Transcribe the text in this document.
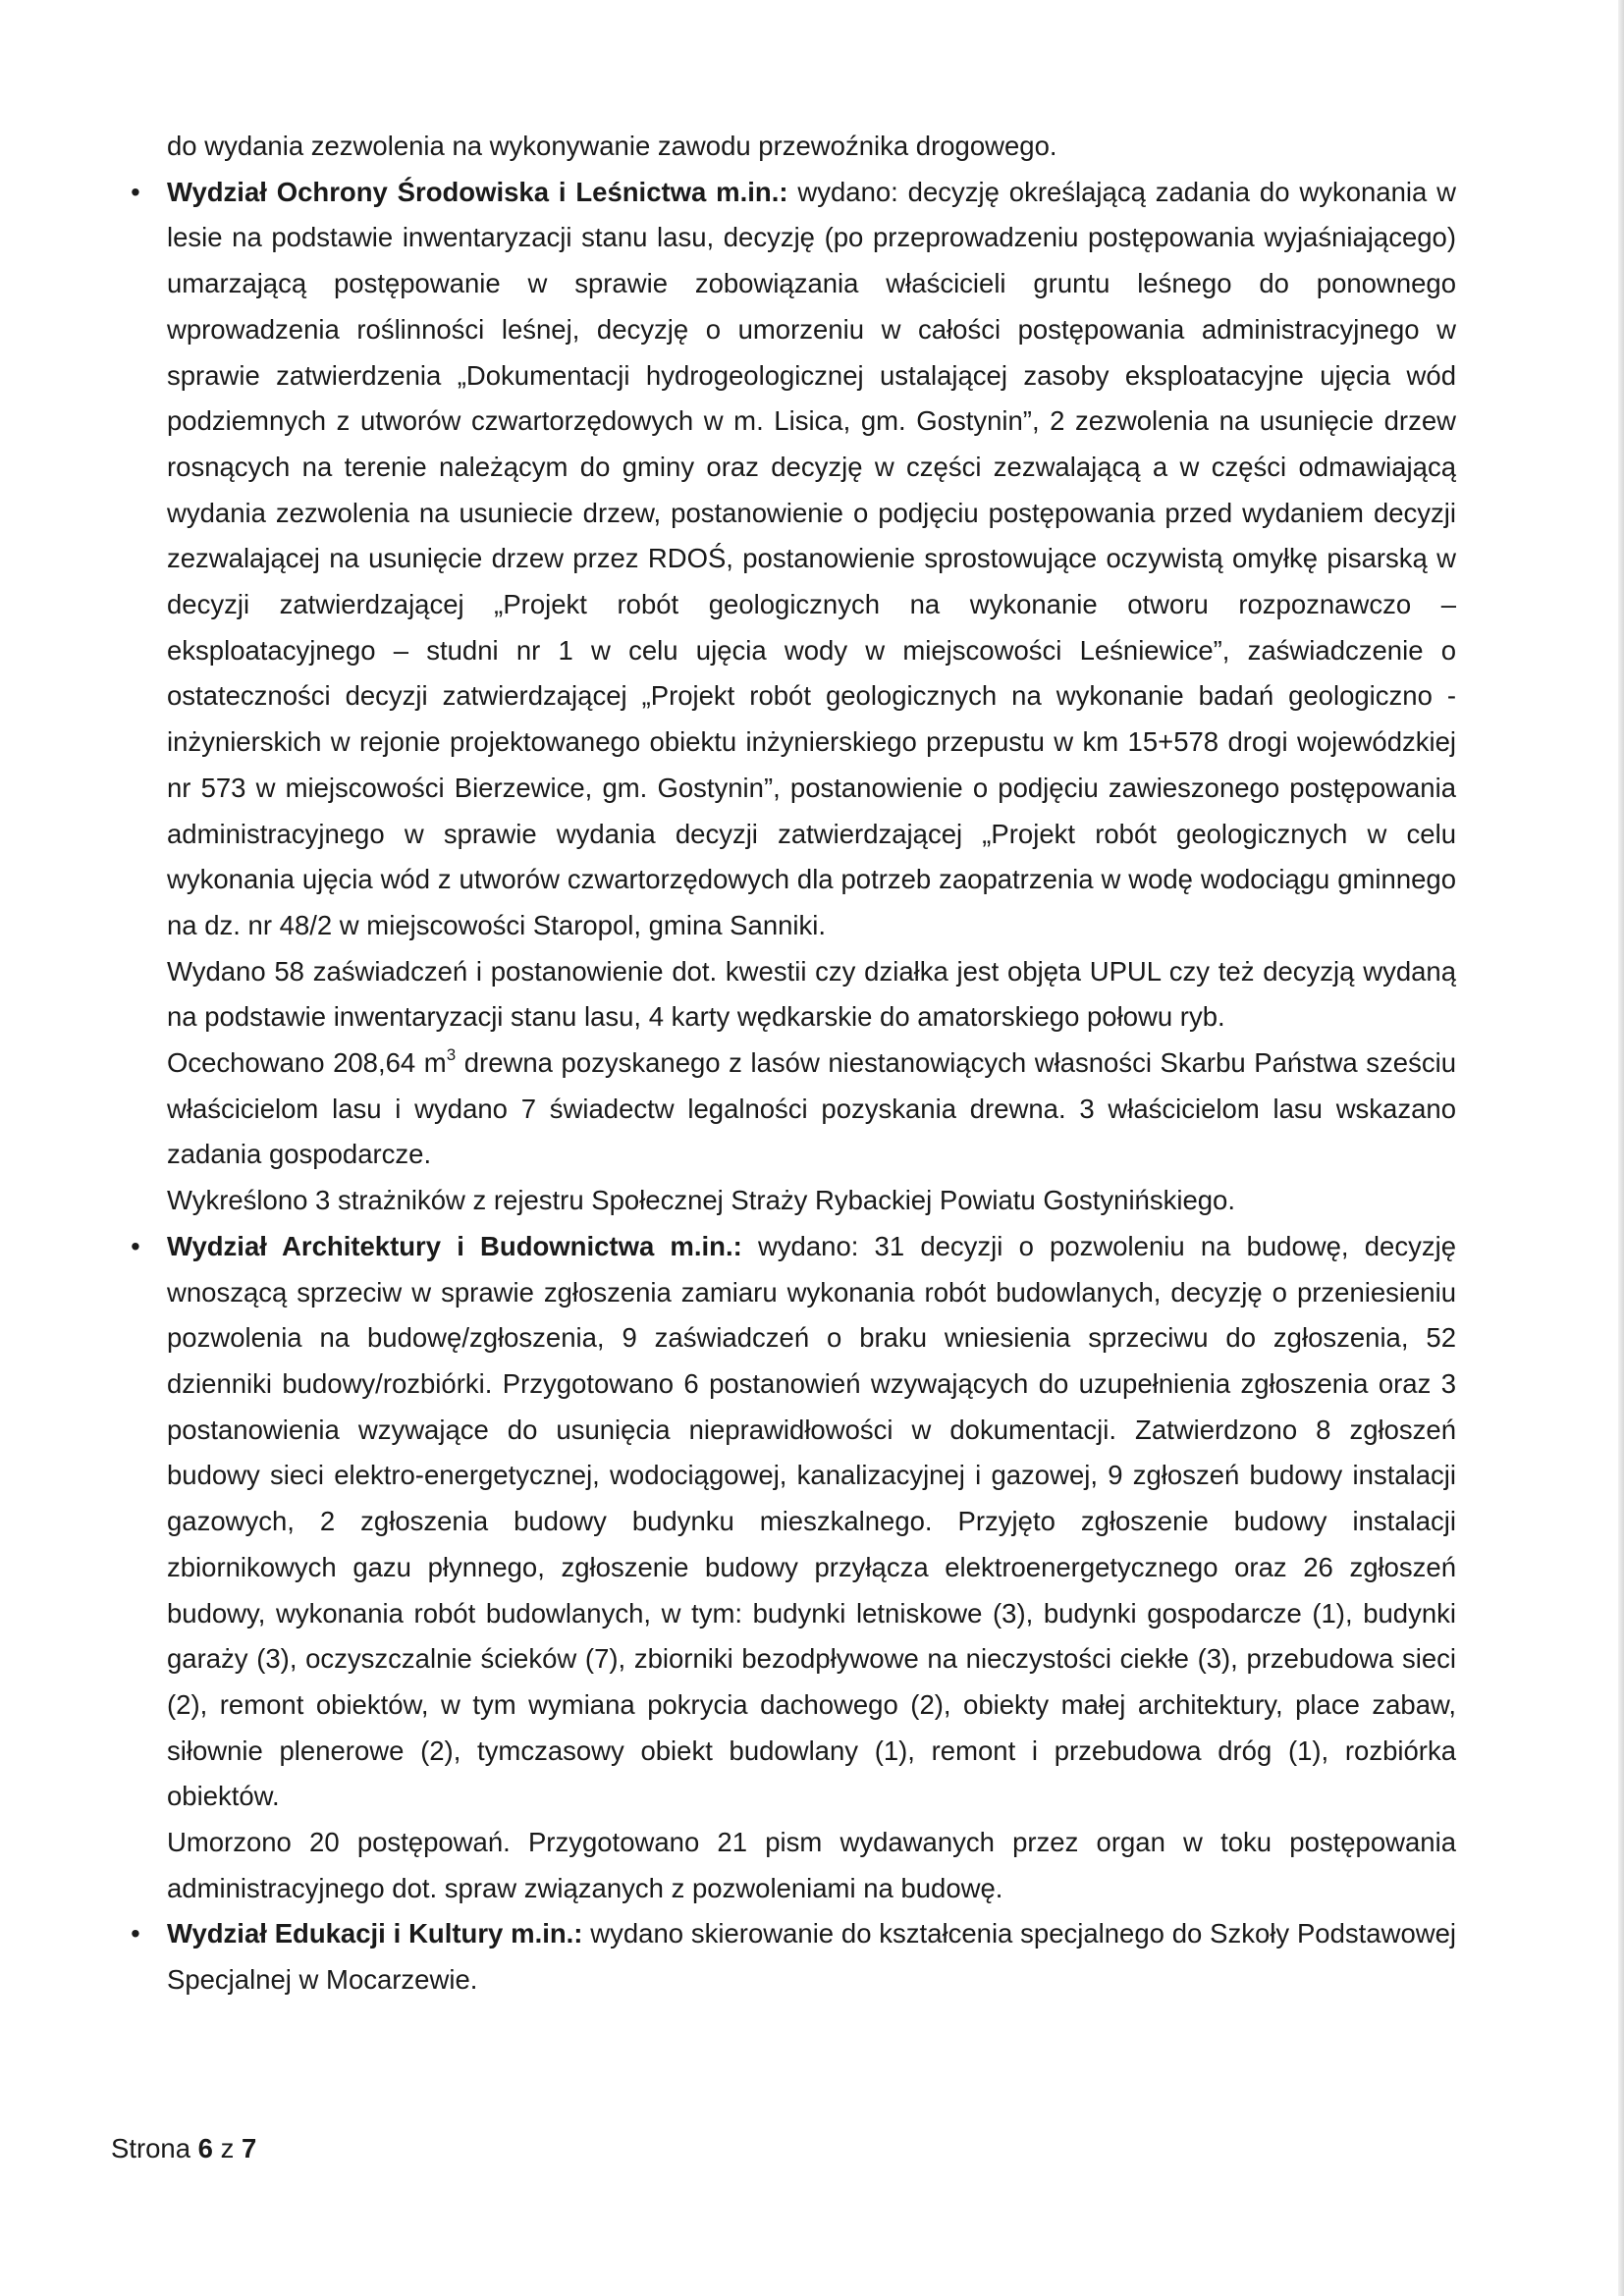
do wydania zezwolenia na wykonywanie zawodu przewoźnika drogowego.

• Wydział Ochrony Środowiska i Leśnictwa m.in.: wydano: decyzję określającą zadania do wykonania w lesie na podstawie inwentaryzacji stanu lasu, decyzję (po przeprowadzeniu postępowania wyjaśniającego) umarzającą postępowanie w sprawie zobowiązania właścicieli gruntu leśnego do ponownego wprowadzenia roślinności leśnej, decyzję o umorzeniu w całości postępowania administracyjnego w sprawie zatwierdzenia „Dokumentacji hydrogeologicznej ustalającej zasoby eksploatacyjne ujęcia wód podziemnych z utworów czwartorzędowych w m. Lisica, gm. Gostynin”, 2 zezwolenia na usunięcie drzew rosnących na terenie należącym do gminy oraz decyzję w części zezwalającą a w części odmawiającą wydania zezwolenia na usuniecie drzew, postanowienie o podjęciu postępowania przed wydaniem decyzji zezwalającej na usunięcie drzew przez RDOŚ, postanowienie sprostowujące oczywistą omyłkę pisarską w decyzji zatwierdzającej „Projekt robót geologicznych na wykonanie otworu rozpoznawczo – eksploatacyjnego – studni nr 1 w celu ujęcia wody w miejscowości Leśniewice”, zaświadczenie o ostateczności decyzji zatwierdzającej „Projekt robót geologicznych na wykonanie badań geologiczno - inżynierskich w rejonie projektowanego obiektu inżynierskiego przepustu w km 15+578 drogi wojewódzkiej nr 573 w miejscowości Bierzewice, gm. Gostynin”, postanowienie o podjęciu zawieszonego postępowania administracyjnego w sprawie wydania decyzji zatwierdzającej „Projekt robót geologicznych w celu wykonania ujęcia wód z utworów czwartorzędowych dla potrzeb zaopatrzenia w wodę wodociągu gminnego na dz. nr 48/2 w miejscowości Staropol, gmina Sanniki.

Wydano 58 zaświadczeń i postanowienie dot. kwestii czy działka jest objęta UPUL czy też decyzją wydaną na podstawie inwentaryzacji stanu lasu, 4 karty wędkarskie do amatorskiego połowu ryb.

Ocechowano 208,64 $m^3$ drewna pozyskanego z lasów niestanowiących własności Skarbu Państwa sześciu właścicielom lasu i wydano 7 świadectw legalności pozyskania drewna. 3 właścicielom lasu wskazano zadania gospodarcze.

Wykreślono 3 strażników z rejestru Społecznej Straży Rybackiej Powiatu Gostynińskiego.

• Wydział Architektury i Budownictwa m.in.: wydano: 31 decyzji o pozwoleniu na budowę, decyzję wnoszącą sprzeciw w sprawie zgłoszenia zamiaru wykonania robót budowlanych, decyzję o przeniesieniu pozwolenia na budowę/zgłoszenia, 9 zaświadczeń o braku wniesienia sprzeciwu do zgłoszenia, 52 dzienniki budowy/rozbiórki. Przygotowano 6 postanowień wzywających do uzupełnienia zgłoszenia oraz 3 postanowienia wzywające do usunięcia nieprawidłowości w dokumentacji. Zatwierdzono 8 zgłoszeń budowy sieci elektro-energetycznej, wodociągowej, kanalizacyjnej i gazowej, 9 zgłoszeń budowy instalacji gazowych, 2 zgłoszenia budowy budynku mieszkalnego. Przyjęto zgłoszenie budowy instalacji zbiornikowych gazu płynnego, zgłoszenie budowy przyłącza elektroenergetycznego oraz 26 zgłoszeń budowy, wykonania robót budowlanych, w tym: budynki letniskowe (3), budynki gospodarcze (1), budynki garaży (3), oczyszczalnie ścieków (7), zbiorniki bezodpływowe na nieczystości ciekłe (3), przebudowa sieci (2), remont obiektów, w tym wymiana pokrycia dachowego (2), obiekty małej architektury, place zabaw, siłownie plenerowe (2), tymczasowy obiekt budowlany (1), remont i przebudowa dróg (1), rozbiórka obiektów.

Umorzono 20 postępowań. Przygotowano 21 pism wydawanych przez organ w toku postępowania administracyjnego dot. spraw związanych z pozwoleniami na budowę.

• Wydział Edukacji i Kultury m.in.: wydano skierowanie do kształcenia specjalnego do Szkoły Podstawowej Specjalnej w Mocarzewie.

Strona 6 z 7
